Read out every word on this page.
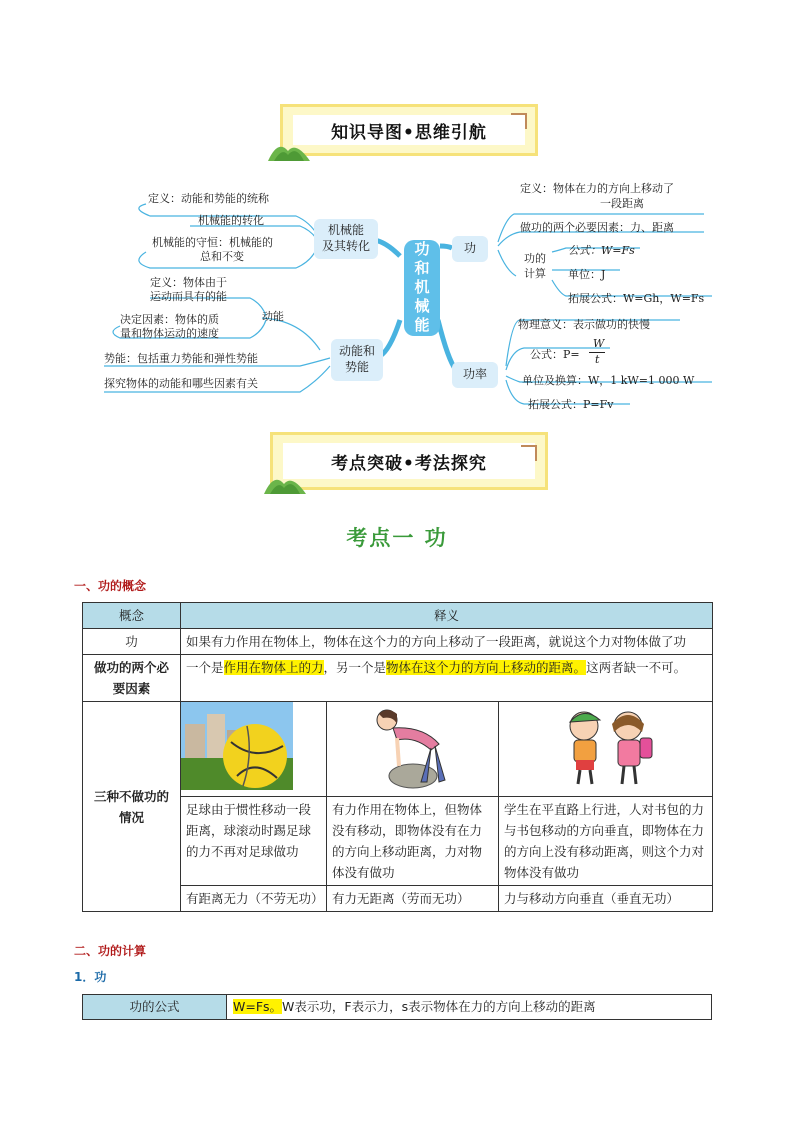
知识导图•思维引航
功和机械能
机械能
及其转化
动能和
势能
功
功率
定义：动能和势能的统称
机械能的转化
机械能的守恒：机械能的
总和不变
定义：物体由于
运动而具有的能
动能
决定因素：物体的质
量和物体运动的速度
势能：包括重力势能和弹性势能
探究物体的动能和哪些因素有关
定义：物体在力的方向上移动了
一段距离
做功的两个必要因素：力、距离
功的
计算
公式：W=Fs
单位：J
拓展公式：W=Gh，W=Fs
物理意义：表示做功的快慢
公式：P=
W
t
单位及换算：W，1 kW=1 000 W
拓展公式：P=Fv
考点突破•考法探究
考点一 功
一、功的概念
概念	释义		
功	如果有力作用在物体上，物体在这个力的方向上移动了一段距离，就说这个力对物体做了功		
做功的两个必要因素	一个是作用在物体上的力，另一个是物体在这个力的方向上移动的距离。这两者缺一不可。		
三种不做功的情况			
	足球由于惯性移动一段距离，球滚动时踢足球的力不再对足球做功	有力作用在物体上，但物体没有移动，即物体没有在力的方向上移动距离，力对物体没有做功	学生在平直路上行进，人对书包的力与书包移动的方向垂直，即物体在力的方向上没有移动距离，则这个力对物体没有做功
	有距离无力（不劳无功）	有力无距离（劳而无功）	力与移动方向垂直（垂直无功）
二、功的计算
1．功
功的公式	W=Fs。W表示功，F表示力，s表示物体在力的方向上移动的距离
